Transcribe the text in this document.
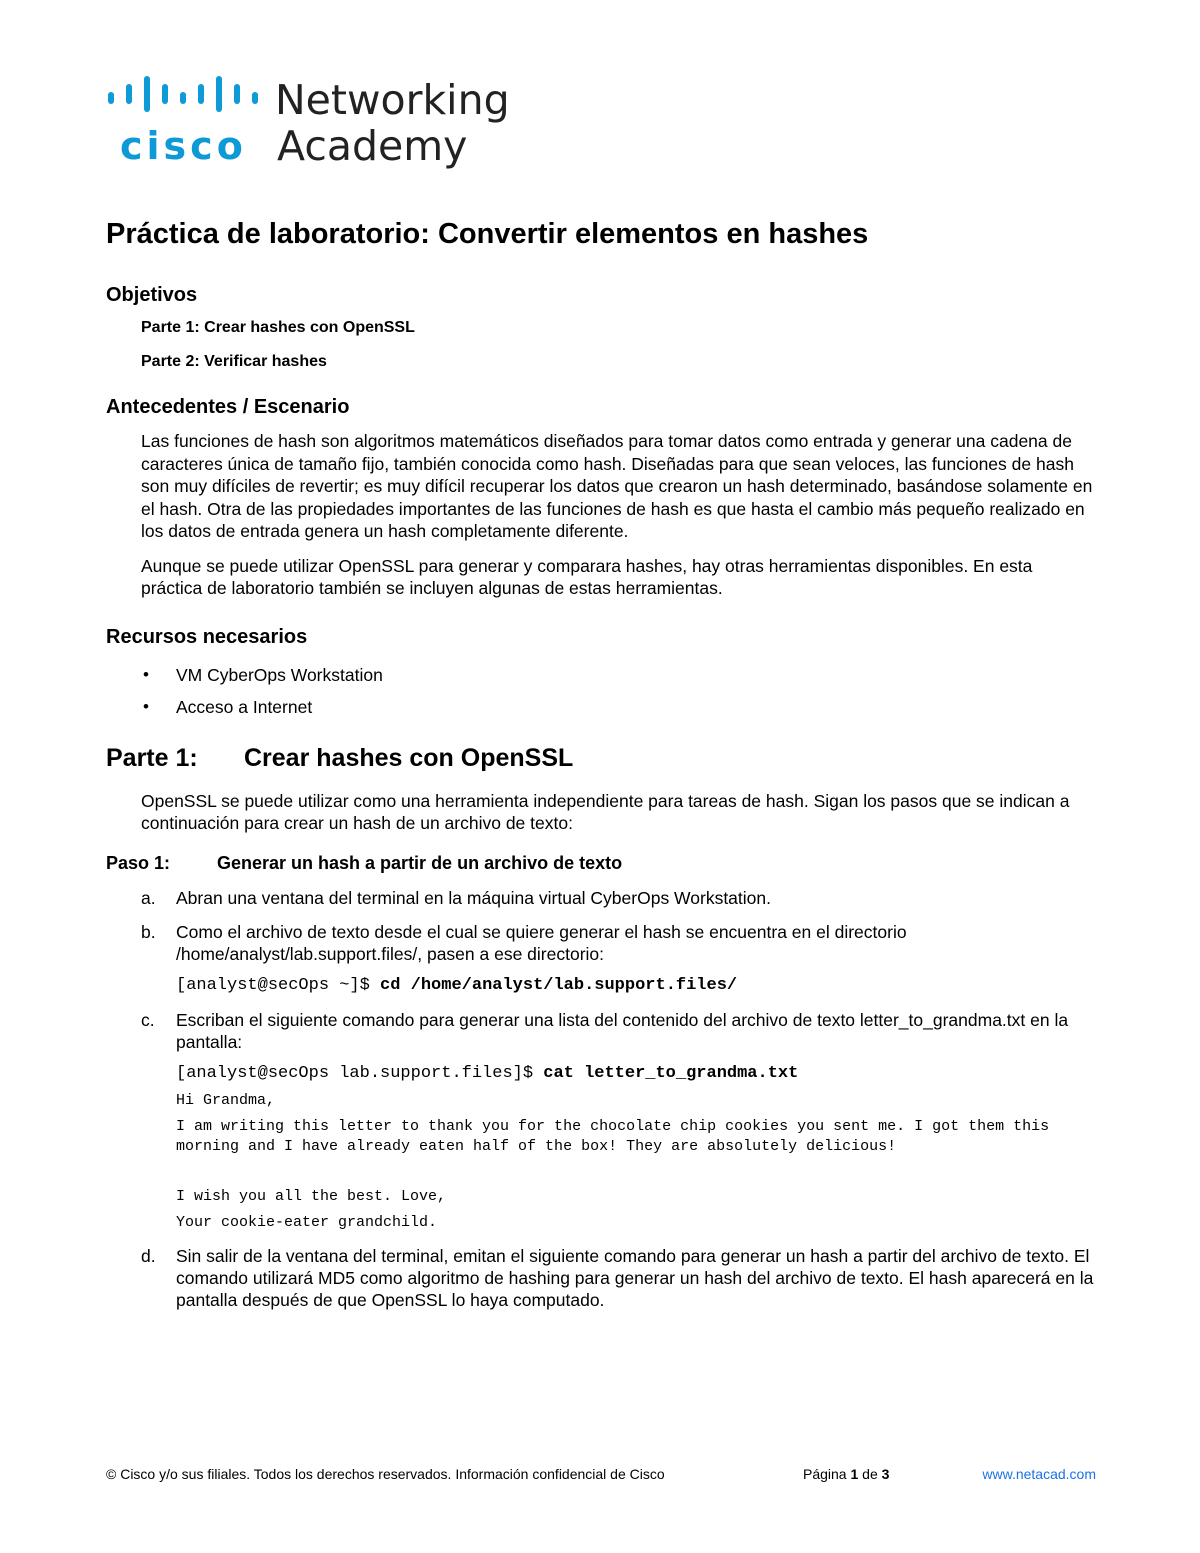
cisco
Networking
Academy
Práctica de laboratorio: Convertir elementos en hashes
Objetivos
Parte 1: Crear hashes con OpenSSL
Parte 2: Verificar hashes
Antecedentes / Escenario

Las funciones de hash son algoritmos matemáticos diseñados para tomar datos como entrada y generar una cadena de caracteres única de tamaño fijo, también conocida como hash. Diseñadas para que sean veloces, las funciones de hash son muy difíciles de revertir; es muy difícil recuperar los datos que crearon un hash determinado, basándose solamente en el hash. Otra de las propiedades importantes de las funciones de hash es que hasta el cambio más pequeño realizado en los datos de entrada genera un hash completamente diferente.

Aunque se puede utilizar OpenSSL para generar y comparara hashes, hay otras herramientas disponibles. En esta práctica de laboratorio también se incluyen algunas de estas herramientas.

Recursos necesarios
• VM CyberOps Workstation
• Acceso a Internet
Parte 1:	Crear hashes con OpenSSL

OpenSSL se puede utilizar como una herramienta independiente para tareas de hash. Sigan los pasos que se indican a continuación para crear un hash de un archivo de texto:

Paso 1:	Generar un hash a partir de un archivo de texto
a. Abran una ventana del terminal en la máquina virtual CyberOps Workstation.
b. Como el archivo de texto desde el cual se quiere generar el hash se encuentra en el directorio /home/analyst/lab.support.files/, pasen a ese directorio:
[analyst@secOps ~]$ cd /home/analyst/lab.support.files/
c. Escriban el siguiente comando para generar una lista del contenido del archivo de texto letter_to_grandma.txt en la pantalla:
[analyst@secOps lab.support.files]$ cat letter_to_grandma.txt
Hi Grandma,
I am writing this letter to thank you for the chocolate chip cookies you sent me. I got them this morning and I have already eaten half of the box! They are absolutely delicious!
I wish you all the best. Love,
Your cookie-eater grandchild.
d. Sin salir de la ventana del terminal, emitan el siguiente comando para generar un hash a partir del archivo de texto. El comando utilizará MD5 como algoritmo de hashing para generar un hash del archivo de texto. El hash aparecerá en la pantalla después de que OpenSSL lo haya computado.
© Cisco y/o sus filiales. Todos los derechos reservados. Información confidencial de Cisco	Página 1 de 3	www.netacad.com
